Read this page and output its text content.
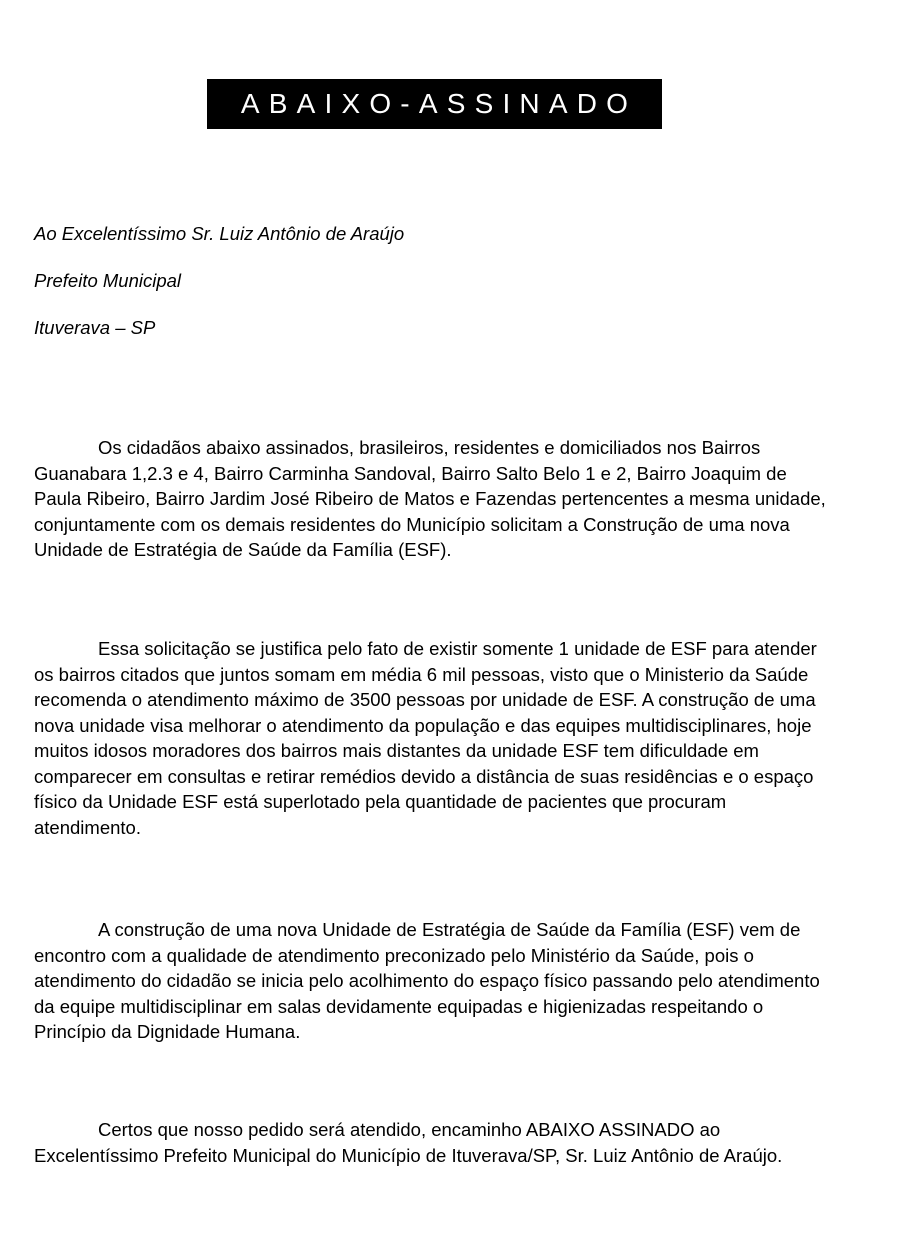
ABAIXO-ASSINADO
Ao Excelentíssimo Sr. Luiz Antônio de Araújo
Prefeito Municipal
Ituverava – SP

Os cidadãos abaixo assinados, brasileiros, residentes e domiciliados nos Bairros
Guanabara 1,2.3 e 4, Bairro Carminha Sandoval, Bairro Salto Belo 1 e 2, Bairro Joaquim de
Paula Ribeiro, Bairro Jardim José Ribeiro de Matos e Fazendas pertencentes a mesma unidade,
conjuntamente com os demais residentes do Município solicitam a Construção de uma nova
Unidade de Estratégia de Saúde da Família (ESF).

Essa solicitação se justifica pelo fato de existir somente 1 unidade de ESF para atender
os bairros citados que juntos somam em média 6 mil pessoas, visto que o Ministerio da Saúde
recomenda o atendimento máximo de 3500 pessoas por unidade de ESF. A construção de uma
nova unidade visa melhorar o atendimento da população e das equipes multidisciplinares, hoje
muitos idosos moradores dos bairros mais distantes da unidade ESF tem dificuldade em
comparecer em consultas e retirar remédios devido a distância de suas residências e o espaço
físico da Unidade ESF está superlotado pela quantidade de pacientes que procuram
atendimento.

A construção de uma nova Unidade de Estratégia de Saúde da Família (ESF) vem de
encontro com a qualidade de atendimento preconizado pelo Ministério da Saúde, pois o
atendimento do cidadão se inicia pelo acolhimento do espaço físico passando pelo atendimento
da equipe multidisciplinar em salas devidamente equipadas e higienizadas respeitando o
Princípio da Dignidade Humana.

Certos que nosso pedido será atendido, encaminho ABAIXO ASSINADO ao
Excelentíssimo Prefeito Municipal do Município de Ituverava/SP, Sr. Luiz Antônio de Araújo.
